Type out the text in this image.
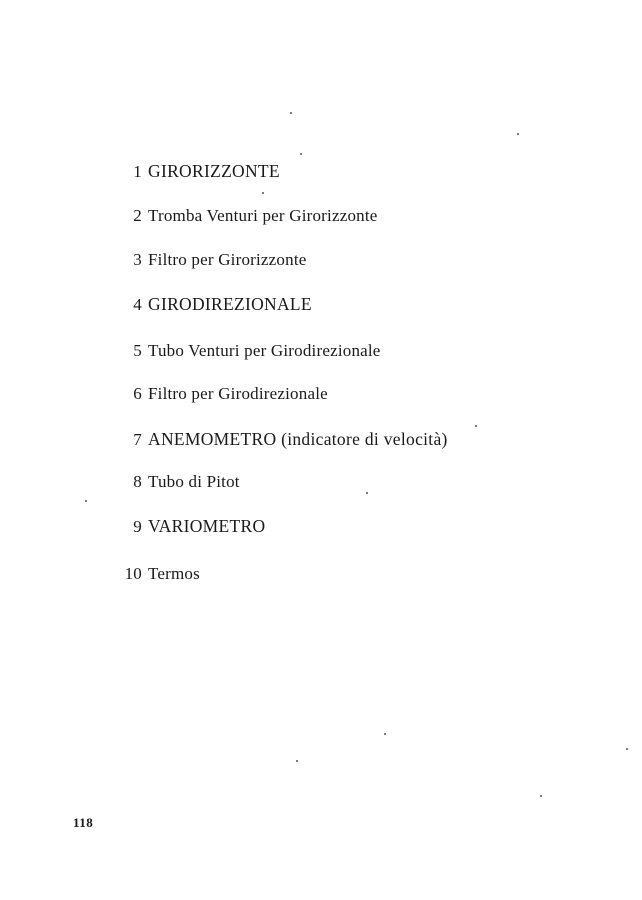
1 GIRORIZZONTE
2 Tromba Venturi per Girorizzonte
3 Filtro per Girorizzonte
4 GIRODIREZIONALE
5 Tubo Venturi per Girodirezionale
6 Filtro per Girodirezionale
7 ANEMOMETRO (indicatore di velocità)
8 Tubo di Pitot
9 VARIOMETRO
10 Termos
118
